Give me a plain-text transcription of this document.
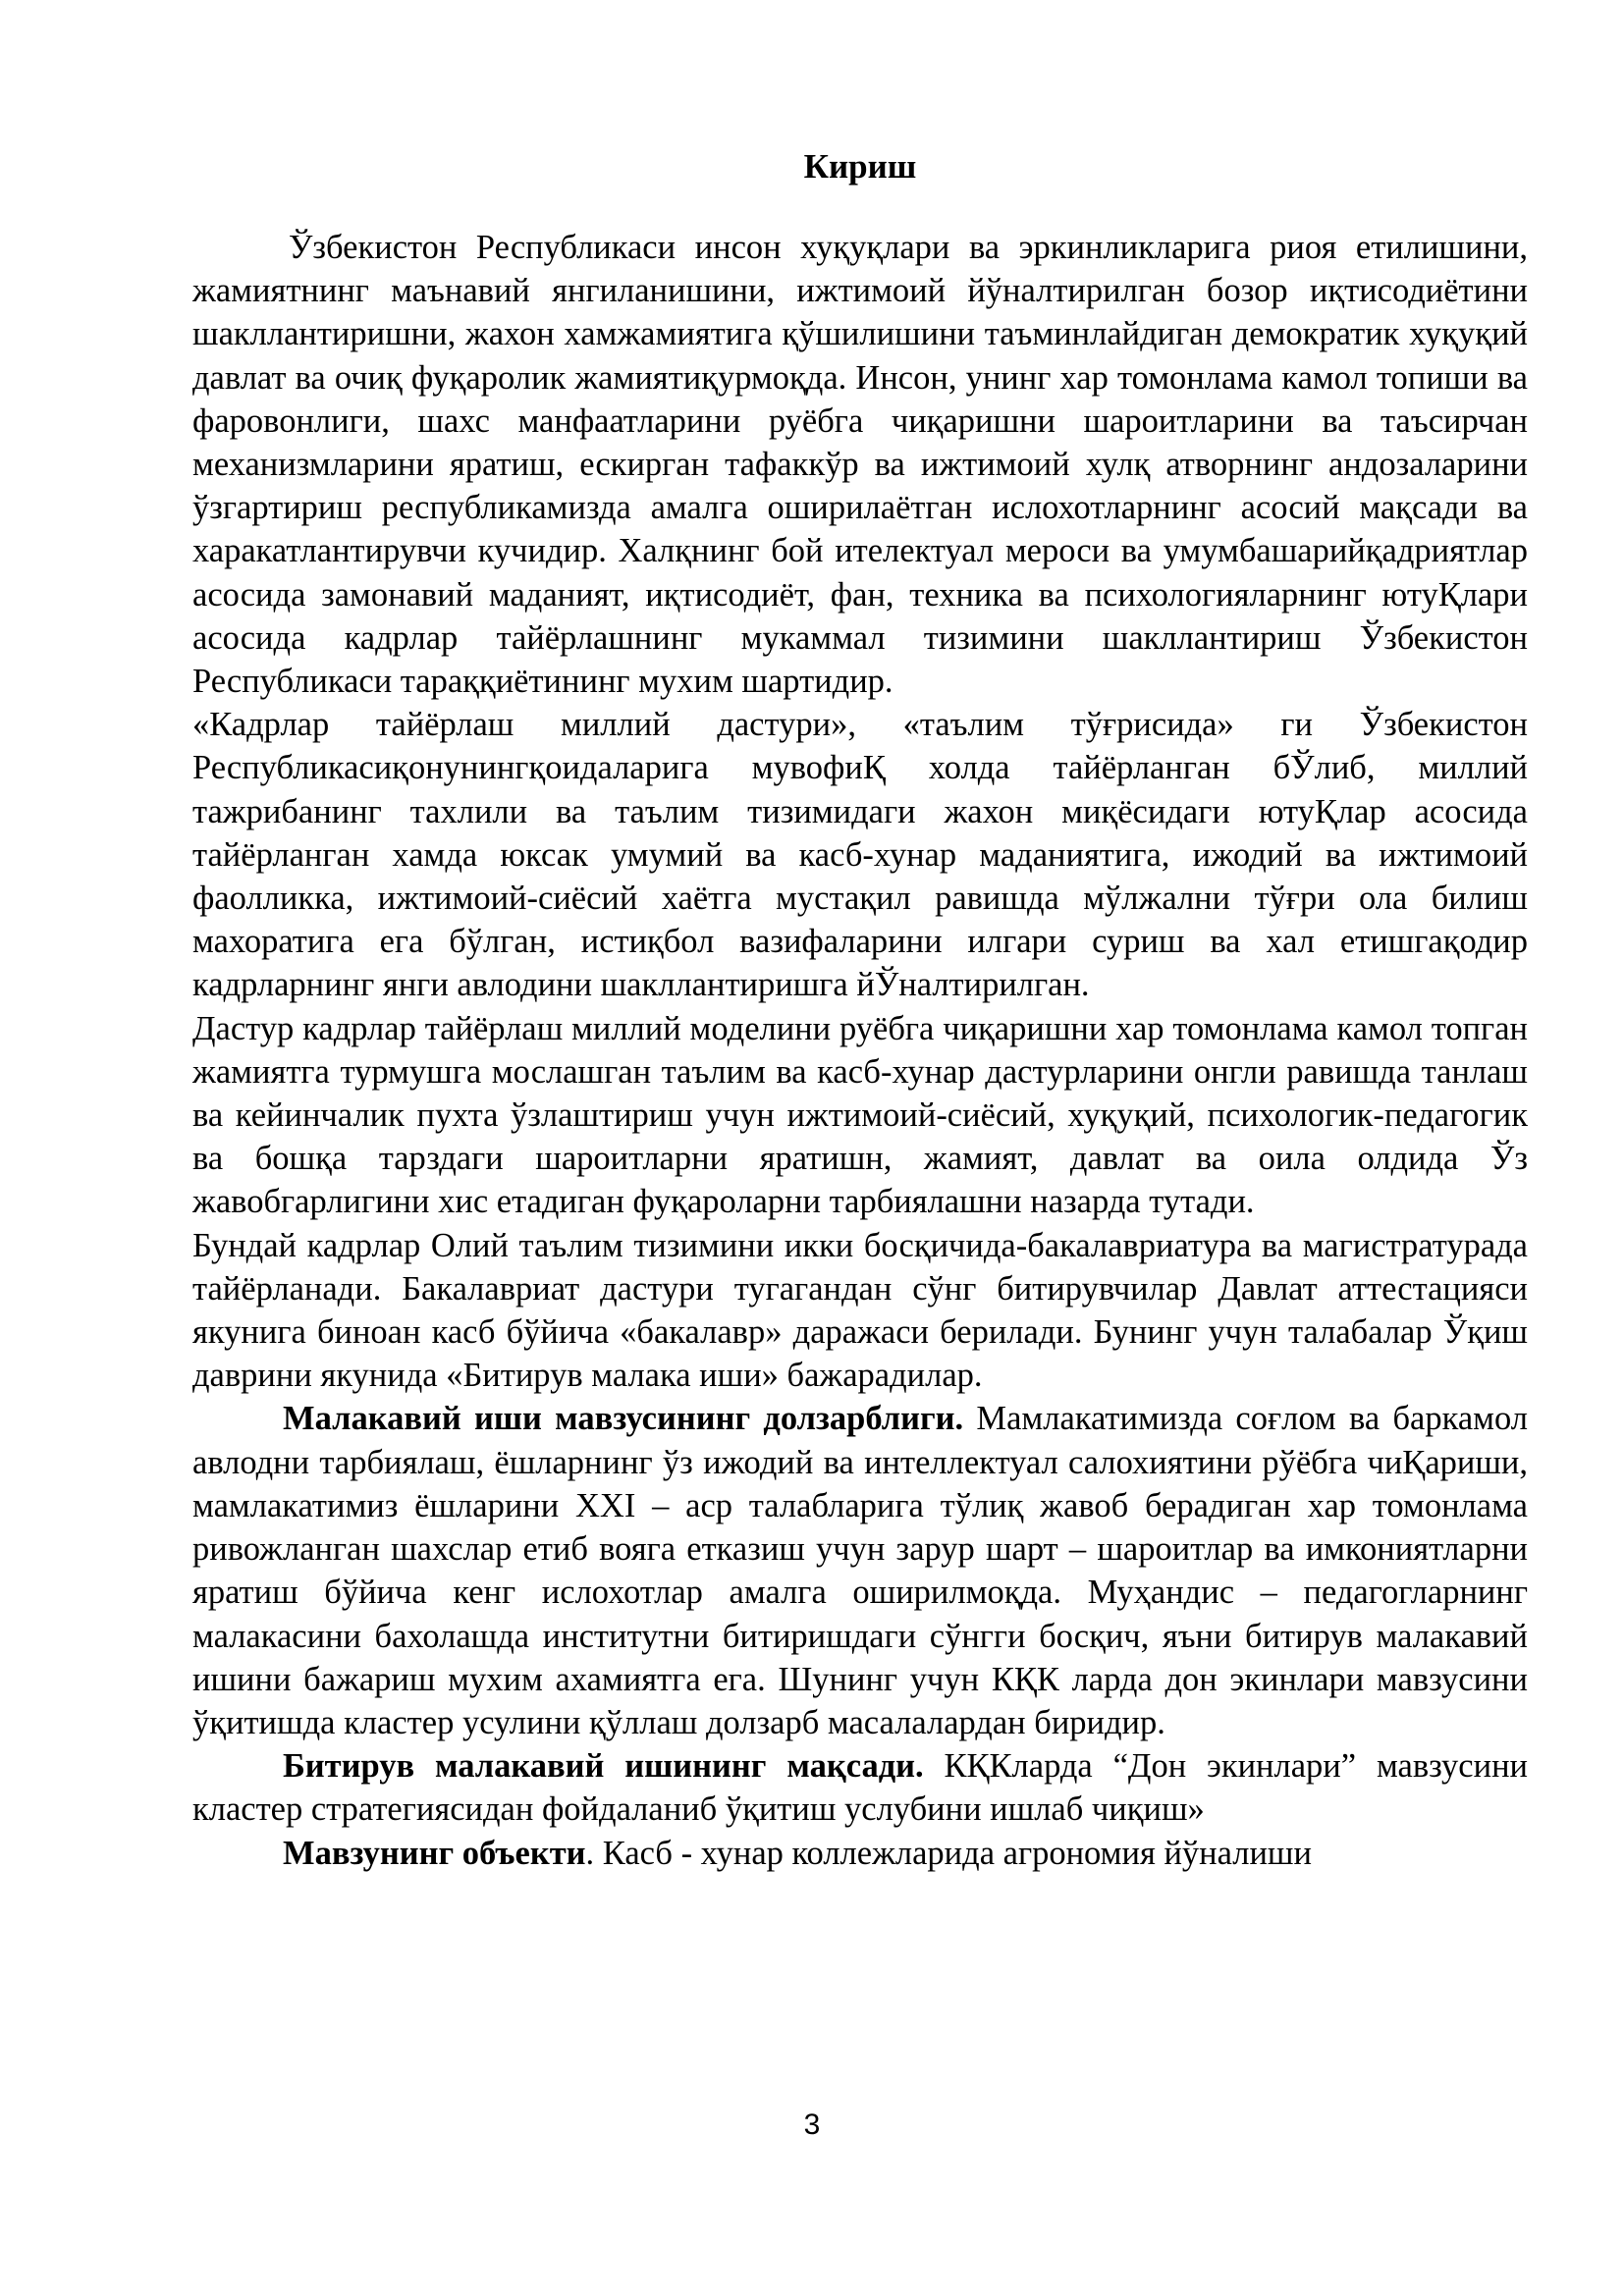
Кириш

Ўзбекистон Республикаси инсон хуқуқлари ва эркинликларига риоя етилишини, жамиятнинг маънавий янгиланишини, ижтимоий йўналтирилган бозор иқтисодиётини шакллантиришни, жахон хамжамиятига қўшилишини таъминлайдиган демократик хуқуқий давлат ва очиқ фуқаролик жамиятиқурмоқда. Инсон, унинг хар томонлама камол топиши ва фаровонлиги, шахс манфаатларини руёбга чиқаришни шароитларини ва таъсирчан механизмларини яратиш, ескирган тафаккўр ва ижтимоий хулқ атворнинг андозаларини ўзгартириш республикамизда амалга оширилаётган ислохотларнинг асосий мақсади ва харакатлантирувчи кучидир. Халқнинг бой ителектуал мероси ва умумбашарийқадриятлар асосида замонавий маданият, иқтисодиёт, фан, техника ва психологияларнинг ютуҚлари асосида кадрлар тайёрлашнинг мукаммал тизимини шакллантириш Ўзбекистон Республикаси тараққиётининг мухим шартидир.

«Кадрлар тайёрлаш миллий дастури», «таълим тўғрисида» ги Ўзбекистон Республикасиқонунингқоидаларига мувофиҚ холда тайёрланган бЎлиб, миллий тажрибанинг тахлили ва таълим тизимидаги жахон миқёсидаги ютуҚлар асосида тайёрланган хамда юксак умумий ва касб-хунар маданиятига, ижодий ва ижтимоий фаолликка, ижтимоий-сиёсий хаётга мустақил равишда мўлжални тўғри ола билиш махоратига ега бўлган, истиқбол вазифаларини илгари суриш ва хал етишгақодир кадрларнинг янги авлодини шакллантиришга йЎналтирилган.

Дастур кадрлар тайёрлаш миллий моделини руёбга чиқаришни хар томонлама камол топган жамиятга турмушга мослашган таълим ва касб-хунар дастурларини онгли равишда танлаш ва кейинчалик пухта ўзлаштириш учун ижтимоий-сиёсий, хуқуқий, психологик-педагогик ва бошқа тарздаги шароитларни яратишн, жамият, давлат ва оила олдида Ўз жавобгарлигини хис етадиган фуқароларни тарбиялашни назарда тутади.

Бундай кадрлар Олий таълим тизимини икки босқичида-бакалавриатура ва магистратурада тайёрланади. Бакалавриат дастури тугагандан сўнг битирувчилар Давлат аттестацияси якунига биноан касб бўйича «бакалавр» даражаси берилади. Бунинг учун талабалар Ўқиш даврини якунида «Битирув малака иши» бажарадилар.

Малакавий иши мавзусининг долзарблиги. Мамлакатимизда соғлом ва баркамол авлодни тарбиялаш, ёшларнинг ўз ижодий ва интеллектуал салохиятини рўёбга чиҚариши, мамлакатимиз ёшларини XXI – аср талабларига тўлиқ жавоб берадиган хар томонлама ривожланган шахслар етиб вояга етказиш учун зарур шарт – шароитлар ва имкониятларни яратиш бўйича кенг ислохотлар амалга оширилмоқда. Муҳандис – педагогларнинг малакасини бахолашда институтни битиришдаги сўнгги босқич, яъни битирув малакавий ишини бажариш мухим ахамиятга ега. Шунинг учун КҚК ларда дон экинлари мавзусини ўқитишда кластер усулини қўллаш долзарб масалалардан биридир.

Битирув малакавий ишининг мақсади. КҚКларда “Дон экинлари” мавзусини кластер стратегиясидан фойдаланиб ўқитиш услубини ишлаб чиқиш»

Мавзунинг объекти. Касб - хунар коллежларида агрономия йўналиши

3
